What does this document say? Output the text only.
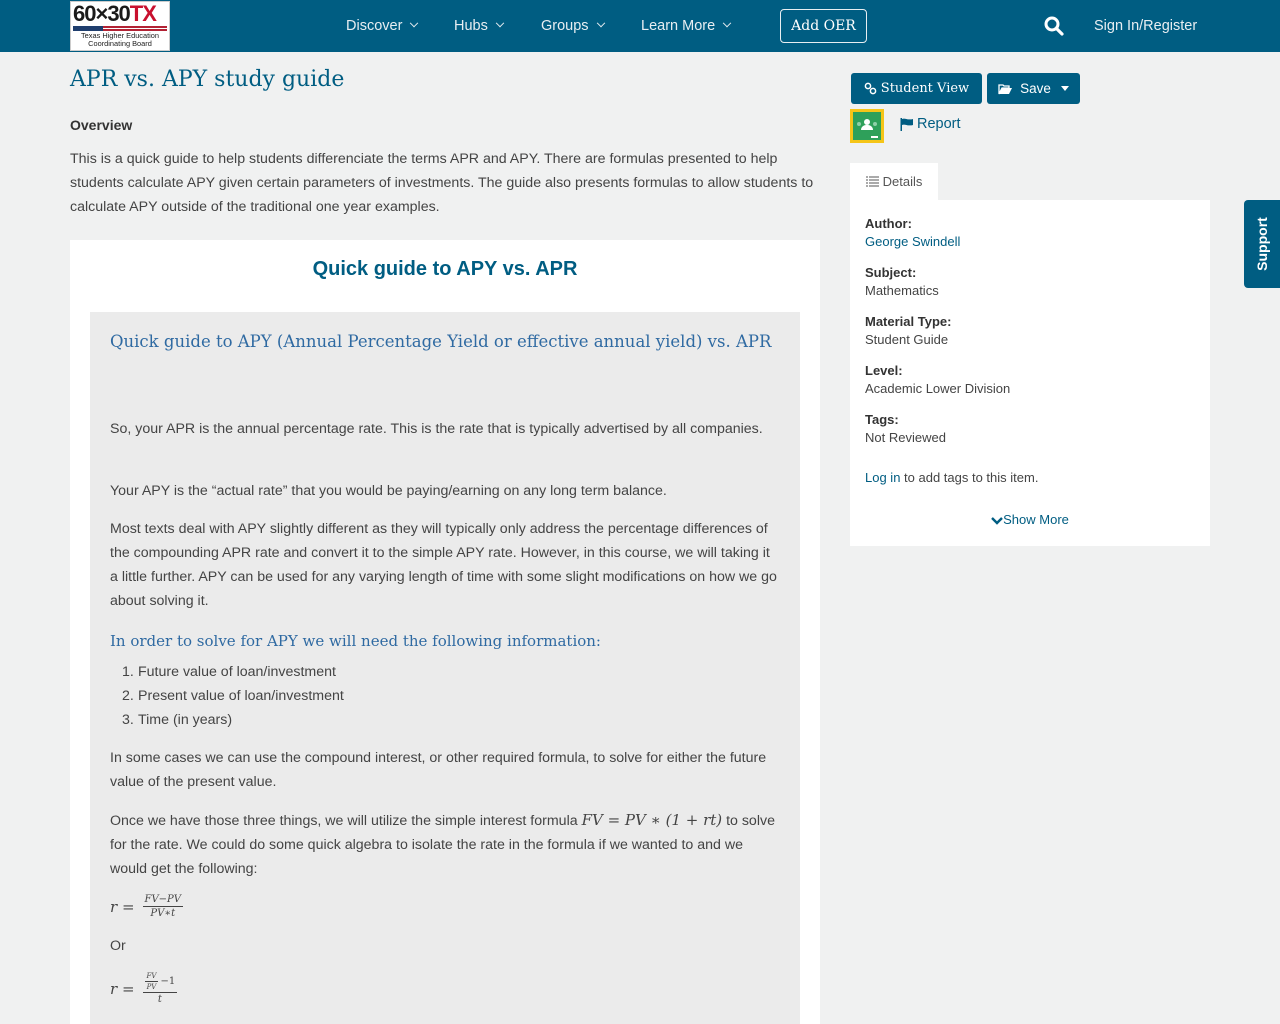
60×30TX
Texas Higher Education
Coordinating Board
Discover	Hubs	Groups	Learn More	Add OER	Sign In/Register
APR vs. APY study guide
Overview

This is a quick guide to help students differenciate the terms APR and APY. There are formulas presented to help students calculate APY given certain parameters of investments. The guide also presents formulas to allow students to calculate APY outside of the traditional one year examples.

Quick guide to APY vs. APR
Quick guide to APY (Annual Percentage Yield or effective annual yield) vs. APR

So, your APR is the annual percentage rate. This is the rate that is typically advertised by all companies.

Your APY is the “actual rate” that you would be paying/earning on any long term balance.

Most texts deal with APY slightly different as they will typically only address the percentage differences of the compounding APR rate and convert it to the simple APY rate. However, in this course, we will taking it a little further. APY can be used for any varying length of time with some slight modifications on how we go about solving it.

In order to solve for APY we will need the following information:
1. Future value of loan/investment
2. Present value of loan/investment
3. Time (in years)

In some cases we can use the compound interest, or other required formula, to solve for either the future value of the present value.

Once we have those three things, we will utilize the simple interest formula FV = PV ∗ (1 + rt) to solve for the rate. We could do some quick algebra to isolate the rate in the formula if we wanted to and we would get the following:

$r = \frac{FV-PV}{PV∗t}$
Or
$r = \frac{\frac{FV}{PV} -1}{t}$
Student View	Save
Report
Details
Author:
George Swindell
Subject:
Mathematics
Material Type:
Student Guide
Level:
Academic Lower Division
Tags:
Not Reviewed
Log in to add tags to this item.
Show More
Support
